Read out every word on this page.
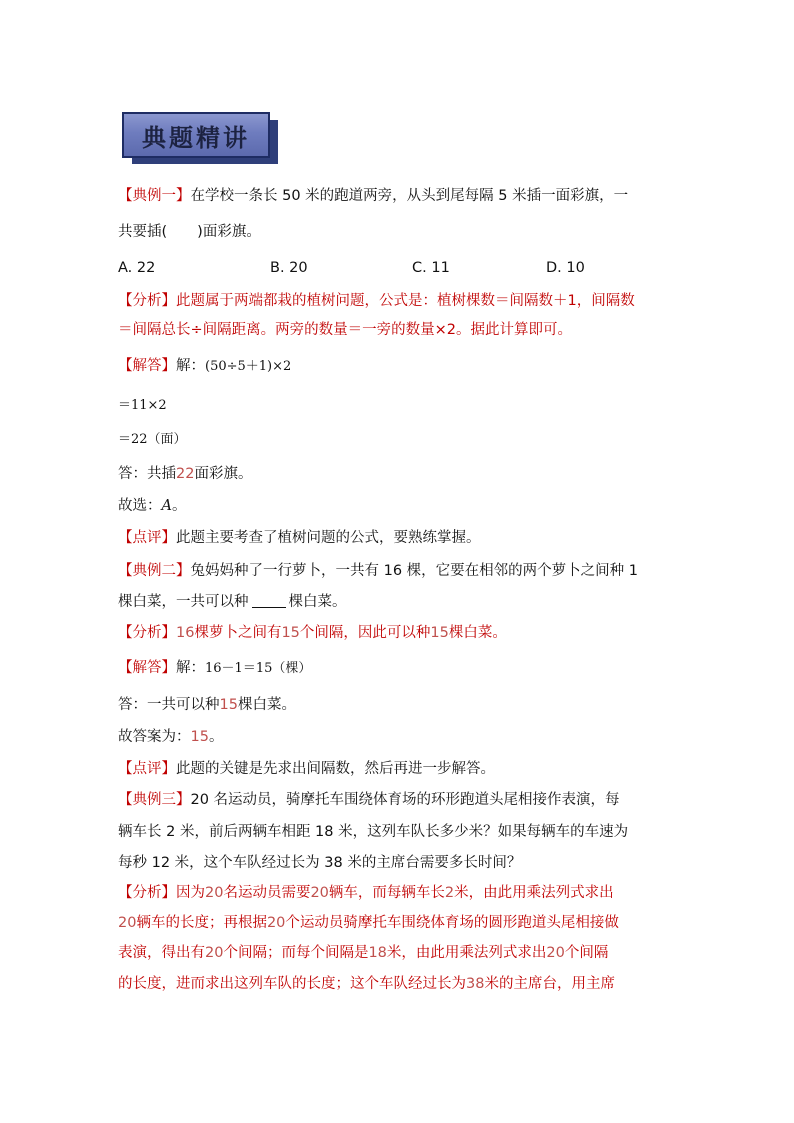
典题精讲
【典例一】在学校一条长 50 米的跑道两旁，从头到尾每隔 5 米插一面彩旗，一
共要插( )面彩旗。
A. 22	B. 20	C. 11	D. 10
【分析】此题属于两端都栽的植树问题，公式是：植树棵数＝间隔数＋1，间隔数
＝间隔总长÷间隔距离。两旁的数量＝一旁的数量×2。据此计算即可。
【解答】解：(50÷5＋1)×2
＝11×2
＝22（面）
答：共插22面彩旗。
故选：A。
【点评】此题主要考查了植树问题的公式，要熟练掌握。
【典例二】兔妈妈种了一行萝卜，一共有 16 棵，它要在相邻的两个萝卜之间种 1
棵白菜，一共可以种	棵白菜。
【分析】16棵萝卜之间有15个间隔，因此可以种15棵白菜。
【解答】解：16－1＝15（棵）
答：一共可以种15棵白菜。
故答案为：15。
【点评】此题的关键是先求出间隔数，然后再进一步解答。
【典例三】20 名运动员，骑摩托车围绕体育场的环形跑道头尾相接作表演，每
辆车长 2 米，前后两辆车相距 18 米，这列车队长多少米？如果每辆车的车速为
每秒 12 米，这个车队经过长为 38 米的主席台需要多长时间？
【分析】因为20名运动员需要20辆车，而每辆车长2米，由此用乘法列式求出
20辆车的长度；再根据20个运动员骑摩托车围绕体育场的圆形跑道头尾相接做
表演，得出有20个间隔；而每个间隔是18米，由此用乘法列式求出20个间隔
的长度，进而求出这列车队的长度；这个车队经过长为38米的主席台，用主席
